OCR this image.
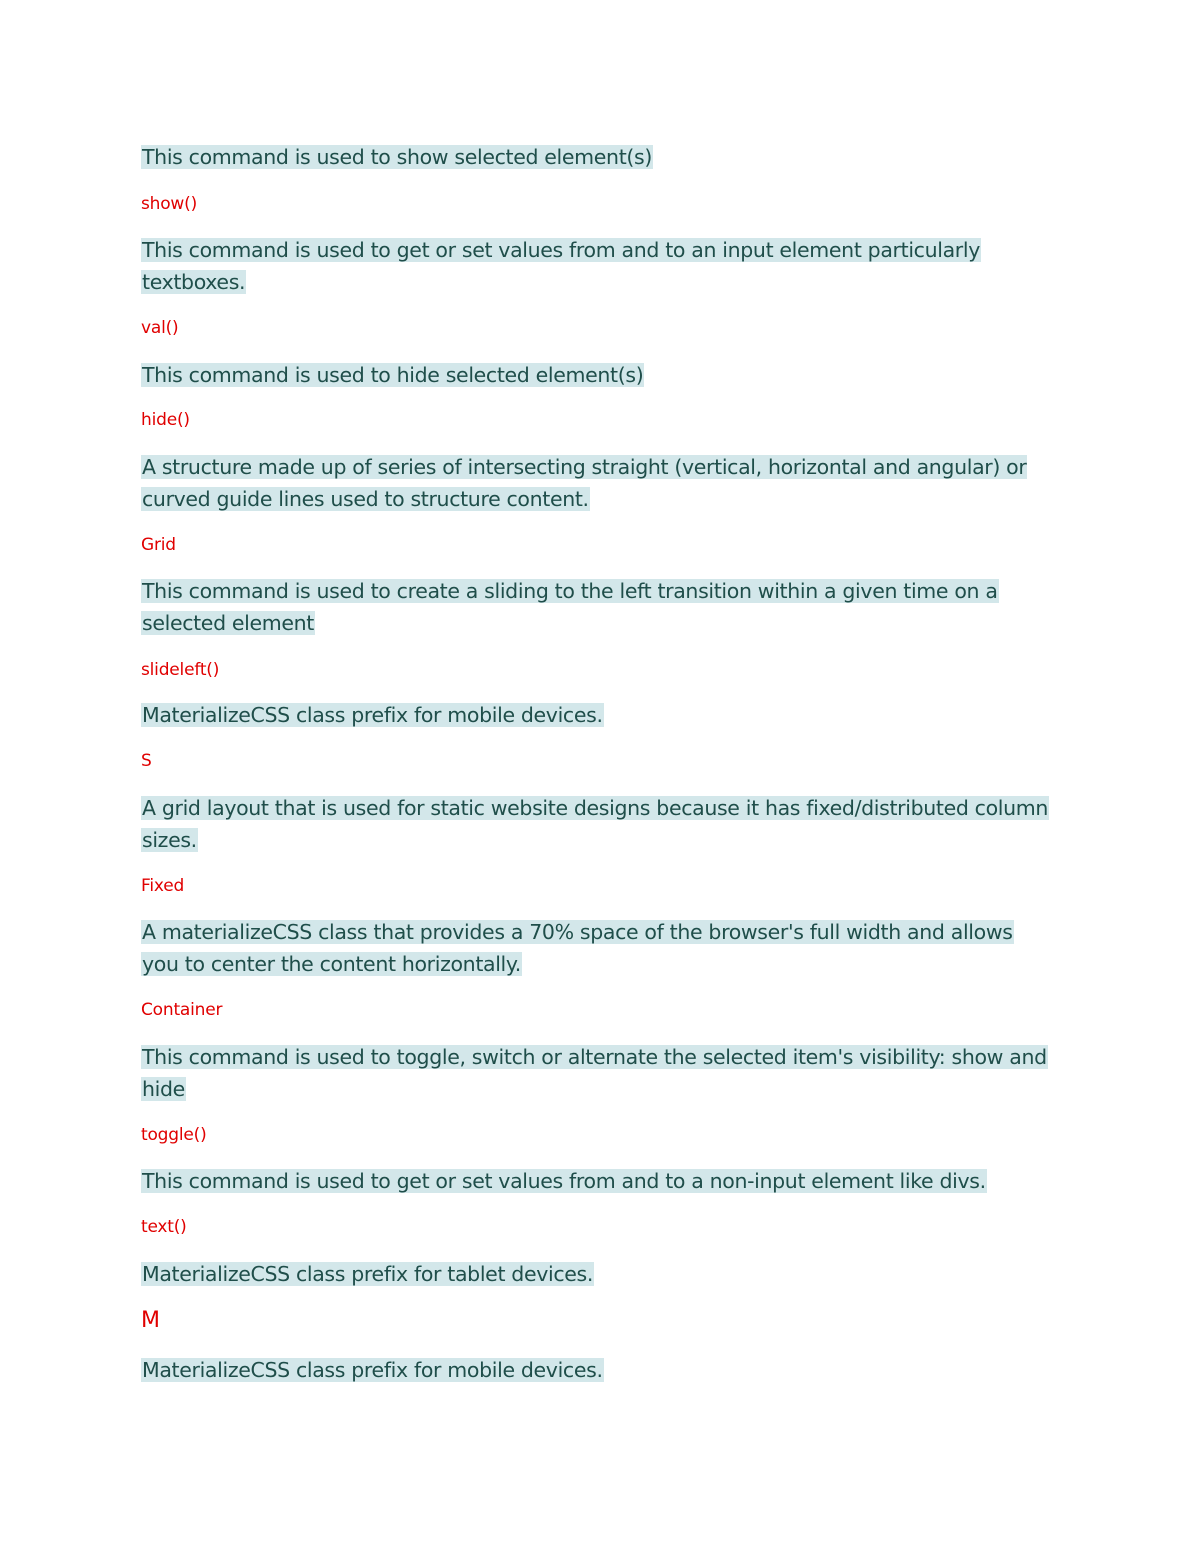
This command is used to show selected element(s)

show()

This command is used to get or set values from and to an input element particularly textboxes.

val()

This command is used to hide selected element(s)

hide()

A structure made up of series of intersecting straight (vertical, horizontal and angular) or curved guide lines used to structure content.

Grid

This command is used to create a sliding to the left transition within a given time on a selected element

slideleft()

MaterializeCSS class prefix for mobile devices.

S

A grid layout that is used for static website designs because it has fixed/distributed column sizes.

Fixed

A materializeCSS class that provides a 70% space of the browser's full width and allows you to center the content horizontally.

Container

This command is used to toggle, switch or alternate the selected item's visibility: show and hide

toggle()

This command is used to get or set values from and to a non-input element like divs.

text()

MaterializeCSS class prefix for tablet devices.

M

MaterializeCSS class prefix for mobile devices.
